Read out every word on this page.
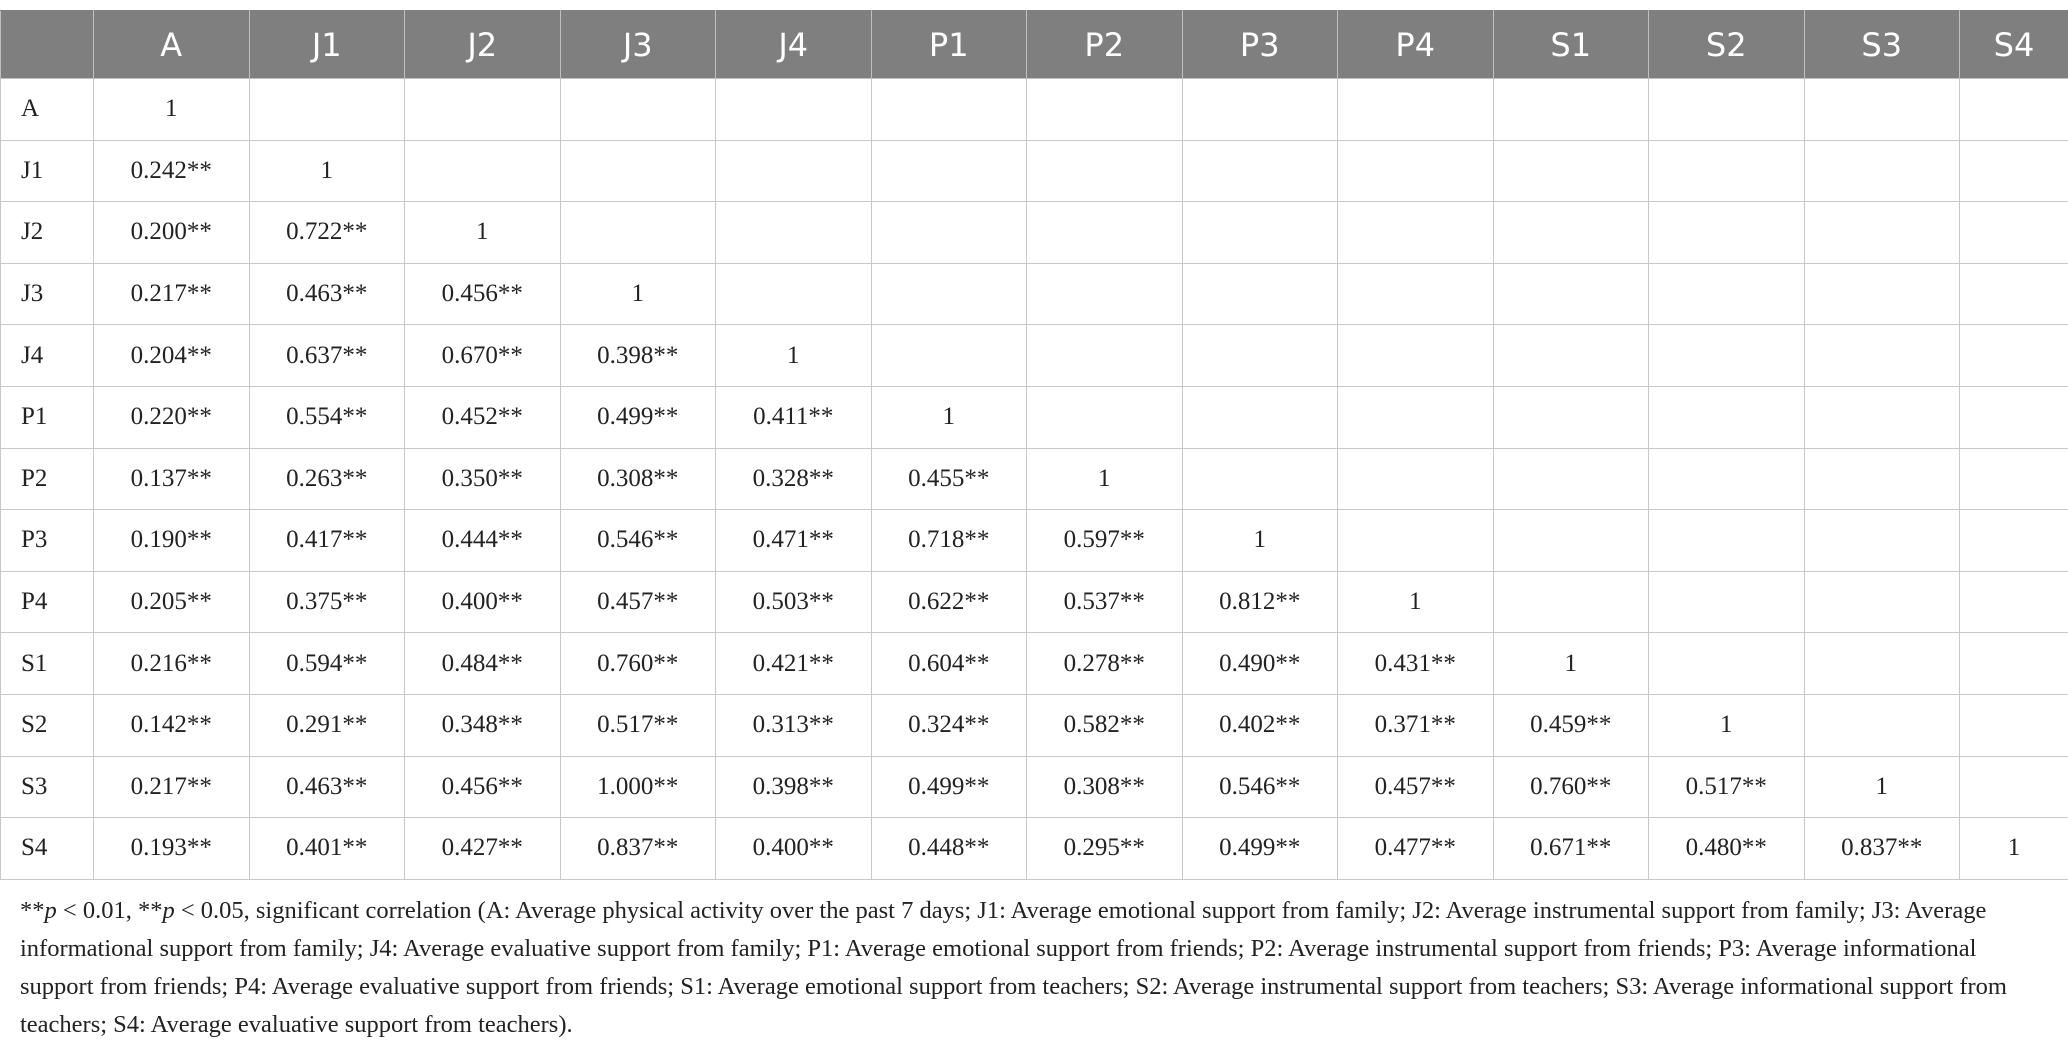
	A	J1	J2	J3	J4	P1	P2	P3	P4	S1	S2	S3	S4
A	1												
J1	0.242**	1											
J2	0.200**	0.722**	1										
J3	0.217**	0.463**	0.456**	1									
J4	0.204**	0.637**	0.670**	0.398**	1								
P1	0.220**	0.554**	0.452**	0.499**	0.411**	1							
P2	0.137**	0.263**	0.350**	0.308**	0.328**	0.455**	1						
P3	0.190**	0.417**	0.444**	0.546**	0.471**	0.718**	0.597**	1					
P4	0.205**	0.375**	0.400**	0.457**	0.503**	0.622**	0.537**	0.812**	1				
S1	0.216**	0.594**	0.484**	0.760**	0.421**	0.604**	0.278**	0.490**	0.431**	1			
S2	0.142**	0.291**	0.348**	0.517**	0.313**	0.324**	0.582**	0.402**	0.371**	0.459**	1		
S3	0.217**	0.463**	0.456**	1.000**	0.398**	0.499**	0.308**	0.546**	0.457**	0.760**	0.517**	1	
S4	0.193**	0.401**	0.427**	0.837**	0.400**	0.448**	0.295**	0.499**	0.477**	0.671**	0.480**	0.837**	1
**p < 0.01, **p < 0.05, significant correlation (A: Average physical activity over the past 7 days; J1: Average emotional support from family; J2: Average instrumental support from family; J3: Average informational support from family; J4: Average evaluative support from family; P1: Average emotional support from friends; P2: Average instrumental support from friends; P3: Average informational support from friends; P4: Average evaluative support from friends; S1: Average emotional support from teachers; S2: Average instrumental support from teachers; S3: Average informational support from teachers; S4: Average evaluative support from teachers).
